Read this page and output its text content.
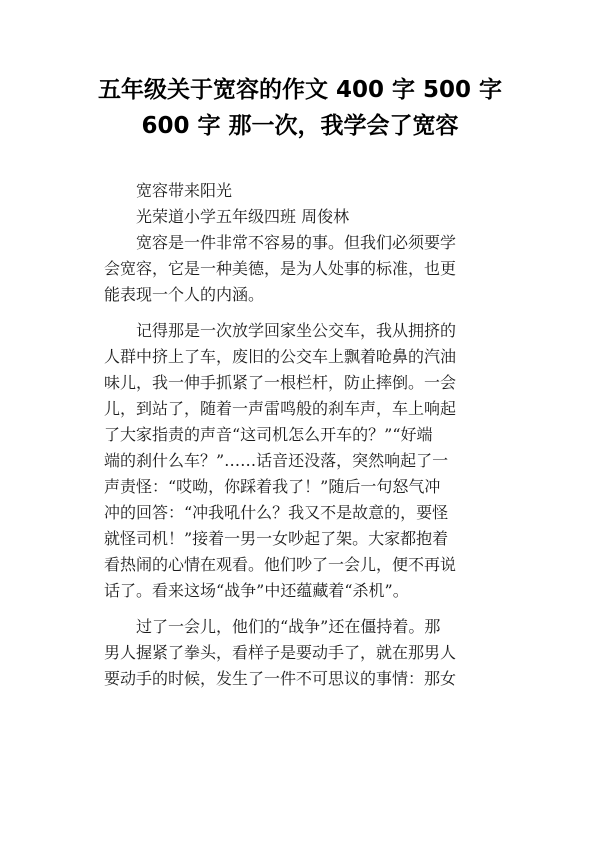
五年级关于宽容的作文 400 字 500 字
600 字 那一次，我学会了宽容
宽容带来阳光
光荣道小学五年级四班 周俊林
宽容是一件非常不容易的事。但我们必须要学
会宽容，它是一种美德，是为人处事的标准，也更
能表现一个人的内涵。
记得那是一次放学回家坐公交车，我从拥挤的
人群中挤上了车，废旧的公交车上飘着呛鼻的汽油
味儿，我一伸手抓紧了一根栏杆，防止摔倒。一会
儿，到站了，随着一声雷鸣般的刹车声，车上响起
了大家指责的声音“这司机怎么开车的？”“好端
端的刹什么车？”……话音还没落，突然响起了一
声责怪：“哎呦，你踩着我了！”随后一句怒气冲
冲的回答：“冲我吼什么？我又不是故意的，要怪
就怪司机！”接着一男一女吵起了架。大家都抱着
看热闹的心情在观看。他们吵了一会儿，便不再说
话了。看来这场“战争”中还蕴藏着“杀机”。
过了一会儿，他们的“战争”还在僵持着。那
男人握紧了拳头，看样子是要动手了，就在那男人
要动手的时候，发生了一件不可思议的事情：那女
